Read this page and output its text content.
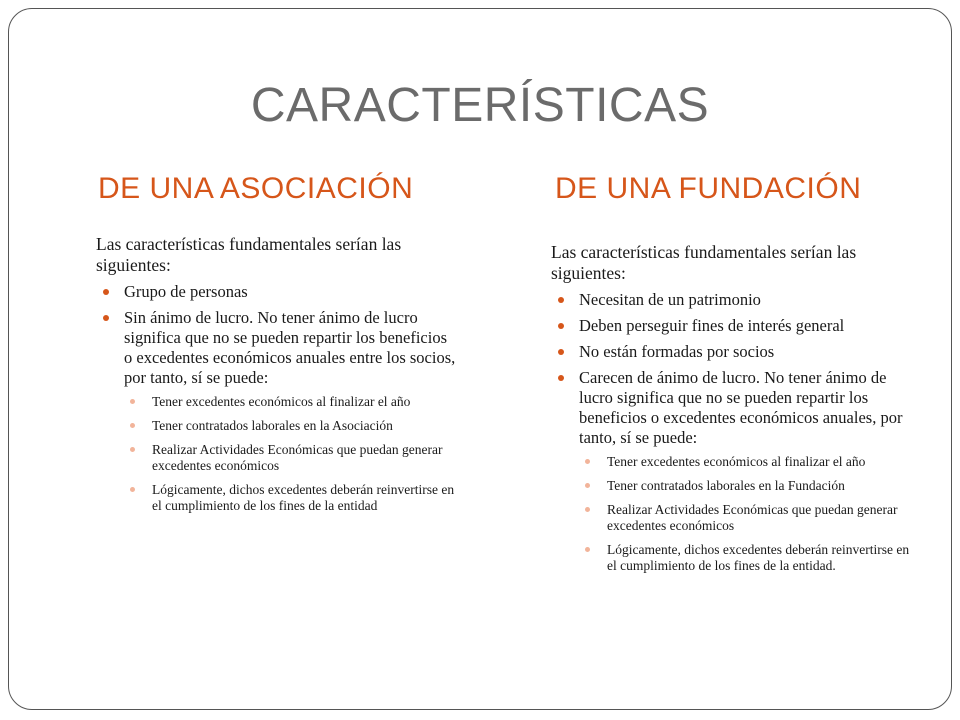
CARACTERÍSTICAS
DE UNA ASOCIACIÓN	DE UNA FUNDACIÓN

Las características fundamentales serían las siguientes:

Grupo de personas
Sin ánimo de lucro. No tener ánimo de lucro significa que no se pueden repartir los beneficios o excedentes económicos anuales entre los socios, por tanto, sí se puede:
Tener excedentes económicos al finalizar el año
Tener contratados laborales en la Asociación
Realizar Actividades Económicas que puedan generar excedentes económicos
Lógicamente, dichos excedentes deberán reinvertirse en el cumplimiento de los fines de la entidad

Las características fundamentales serían las siguientes:

Necesitan de un patrimonio
Deben perseguir fines de interés general
No están formadas por socios
Carecen de ánimo de lucro. No tener ánimo de lucro significa que no se pueden repartir los beneficios o excedentes económicos anuales, por tanto, sí se puede:
Tener excedentes económicos al finalizar el año
Tener contratados laborales en la Fundación
Realizar Actividades Económicas que puedan generar excedentes económicos
Lógicamente, dichos excedentes deberán reinvertirse en el cumplimiento de los fines de la entidad.
